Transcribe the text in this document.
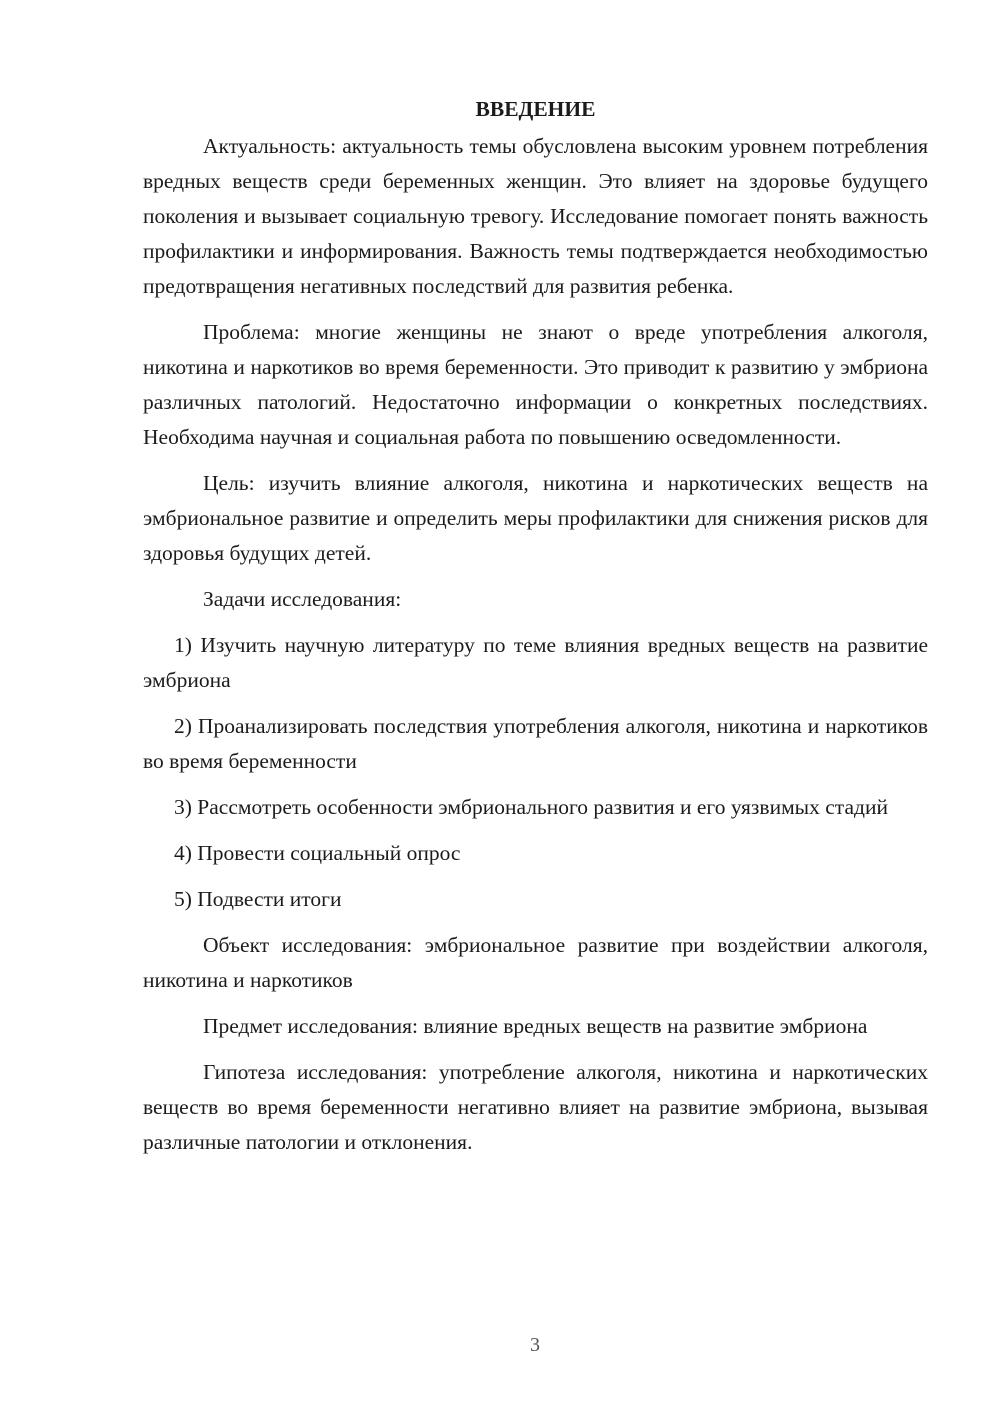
ВВЕДЕНИЕ

Актуальность: актуальность темы обусловлена высоким уровнем потребления вредных веществ среди беременных женщин. Это влияет на здоровье будущего поколения и вызывает социальную тревогу. Исследование помогает понять важность профилактики и информирования. Важность темы подтверждается необходимостью предотвращения негативных последствий для развития ребенка.

Проблема: многие женщины не знают о вреде употребления алкоголя, никотина и наркотиков во время беременности. Это приводит к развитию у эмбриона различных патологий. Недостаточно информации о конкретных последствиях. Необходима научная и социальная работа по повышению осведомленности.

Цель: изучить влияние алкоголя, никотина и наркотических веществ на эмбриональное развитие и определить меры профилактики для снижения рисков для здоровья будущих детей.

Задачи исследования:

1) Изучить научную литературу по теме влияния вредных веществ на развитие эмбриона

2) Проанализировать последствия употребления алкоголя, никотина и наркотиков во время беременности

3) Рассмотреть особенности эмбрионального развития и его уязвимых стадий

4) Провести социальный опрос

5) Подвести итоги

Объект исследования: эмбриональное развитие при воздействии алкоголя, никотина и наркотиков

Предмет исследования: влияние вредных веществ на развитие эмбриона

Гипотеза исследования: употребление алкоголя, никотина и наркотических веществ во время беременности негативно влияет на развитие эмбриона, вызывая различные патологии и отклонения.

3
